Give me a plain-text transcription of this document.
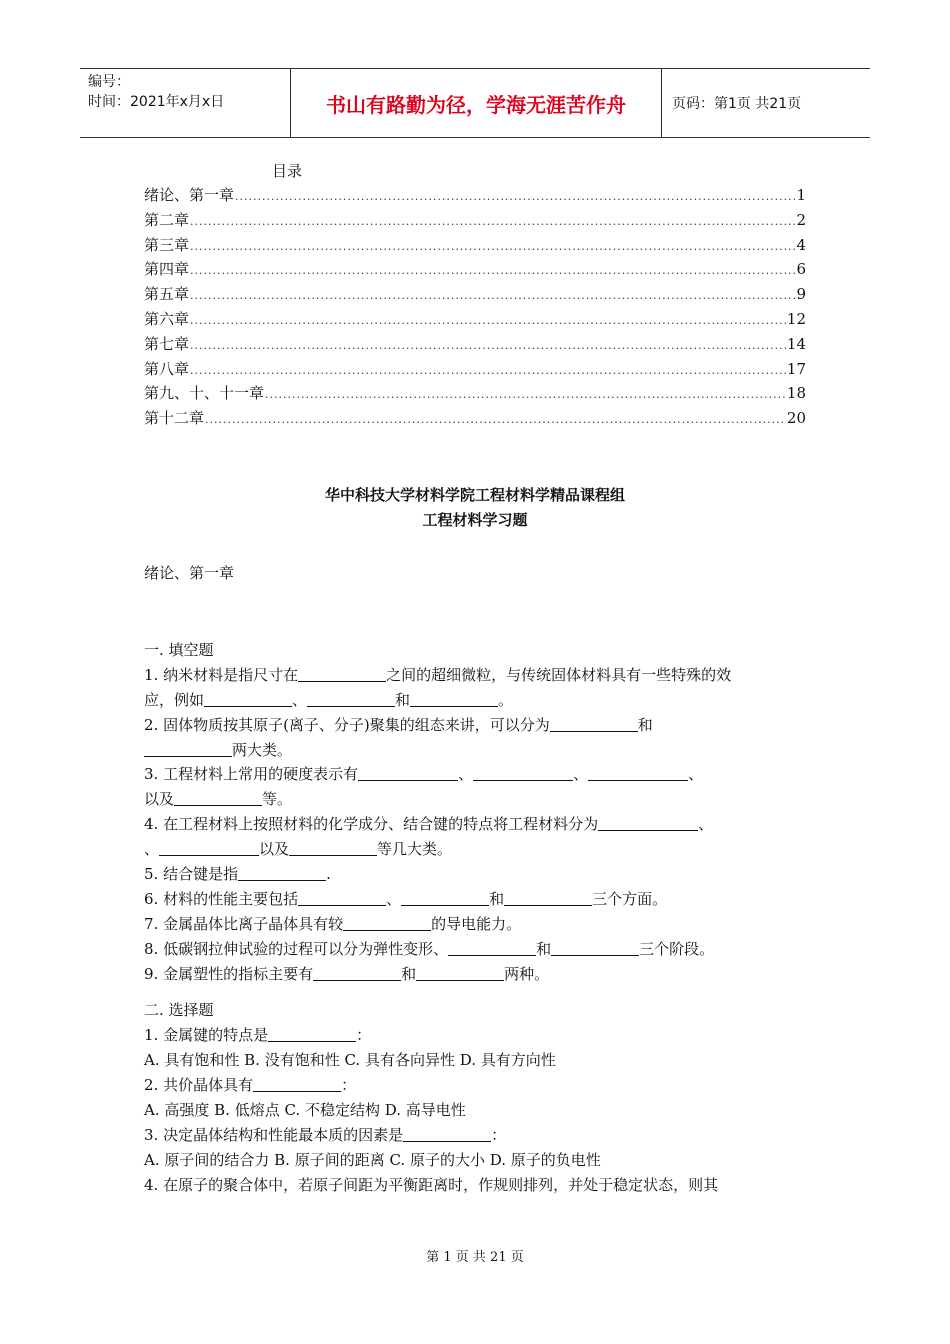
编号：
时间：2021年x月x日	书山有路勤为径，学海无涯苦作舟	页码：第1页 共21页
目录
绪论、第一章 .....	1
第二章 .....	2
第三章 .....	4
第四章 .....	6
第五章 .....	9
第六章 .....	12
第七章 .....	14
第八章 .....	17
第九、十、十一章 .....	18
第十二章 .....	20
华中科技大学材料学院工程材料学精品课程组
工程材料学习题
绪论、第一章
一. 填空题
1. 纳米材料是指尺寸在	之间的超细微粒，与传统固体材料具有一些特殊的效
应，例如	、	和	。
2. 固体物质按其原子(离子、分子)聚集的组态来讲，可以分为	和
两大类。
3. 工程材料上常用的硬度表示有	、	、	、
以及	等。
4. 在工程材料上按照材料的化学成分、结合键的特点将工程材料分为	、
、	以及	等几大类。
5. 结合键是指	.
6. 材料的性能主要包括	、	和	三个方面。
7. 金属晶体比离子晶体具有较	的导电能力。
8. 低碳钢拉伸试验的过程可以分为弹性变形、	和	三个阶段。
9. 金属塑性的指标主要有	和	两种。
二. 选择题
1. 金属键的特点是	：
A. 具有饱和性 B. 没有饱和性 C. 具有各向异性 D. 具有方向性
2. 共价晶体具有	：
A. 高强度 B. 低熔点 C. 不稳定结构 D. 高导电性
3. 决定晶体结构和性能最本质的因素是	：
A. 原子间的结合力 B. 原子间的距离 C. 原子的大小 D. 原子的负电性
4. 在原子的聚合体中，若原子间距为平衡距离时，作规则排列，并处于稳定状态，则其
第 1 页 共 21 页
